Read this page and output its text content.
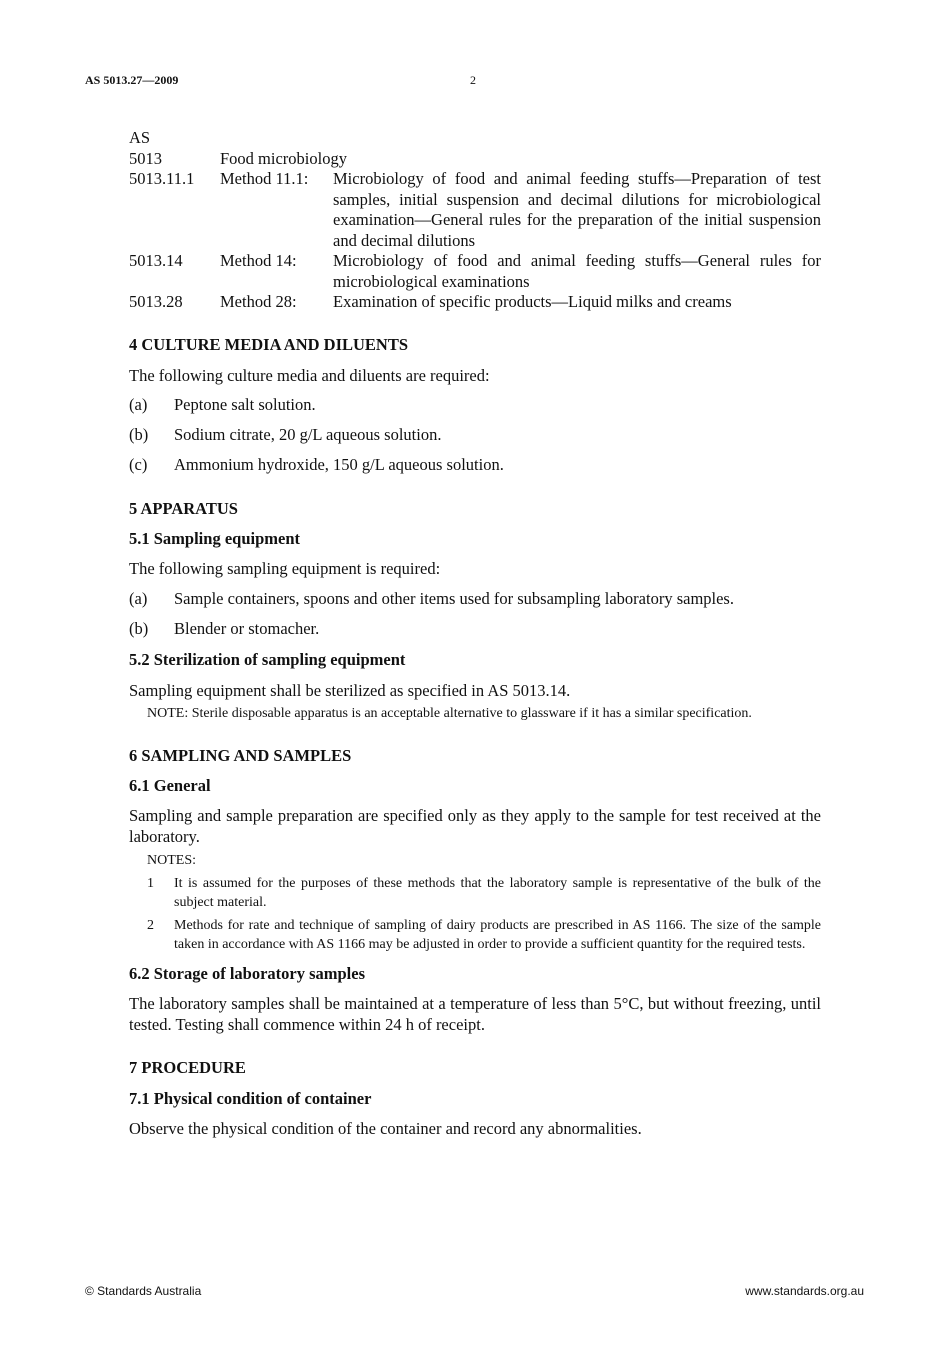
AS 5013.27—2009	2
AS
5013	Food microbiology	
5013.11.1	Method 11.1:	Microbiology of food and animal feeding stuffs—Preparation of test samples, initial suspension and decimal dilutions for microbiological examination—General rules for the preparation of the initial suspension and decimal dilutions
5013.14	Method 14:	Microbiology of food and animal feeding stuffs—General rules for microbiological examinations
5013.28	Method 28:	Examination of specific products—Liquid milks and creams
4 CULTURE MEDIA AND DILUENTS

The following culture media and diluents are required:

(a)	Peptone salt solution.
(b)	Sodium citrate, 20 g/L aqueous solution.
(c)	Ammonium hydroxide, 150 g/L aqueous solution.
5 APPARATUS
5.1 Sampling equipment

The following sampling equipment is required:

(a)	Sample containers, spoons and other items used for subsampling laboratory samples.
(b)	Blender or stomacher.
5.2 Sterilization of sampling equipment

Sampling equipment shall be sterilized as specified in AS 5013.14.

NOTE: Sterile disposable apparatus is an acceptable alternative to glassware if it has a similar specification.
6 SAMPLING AND SAMPLES
6.1 General

Sampling and sample preparation are specified only as they apply to the sample for test received at the laboratory.

NOTES:
1	It is assumed for the purposes of these methods that the laboratory sample is representative of the bulk of the subject material.
2	Methods for rate and technique of sampling of dairy products are prescribed in AS 1166. The size of the sample taken in accordance with AS 1166 may be adjusted in order to provide a sufficient quantity for the required tests.
6.2 Storage of laboratory samples

The laboratory samples shall be maintained at a temperature of less than 5°C, but without freezing, until tested. Testing shall commence within 24 h of receipt.

7 PROCEDURE
7.1 Physical condition of container

Observe the physical condition of the container and record any abnormalities.

© Standards Australia	www.standards.org.au
